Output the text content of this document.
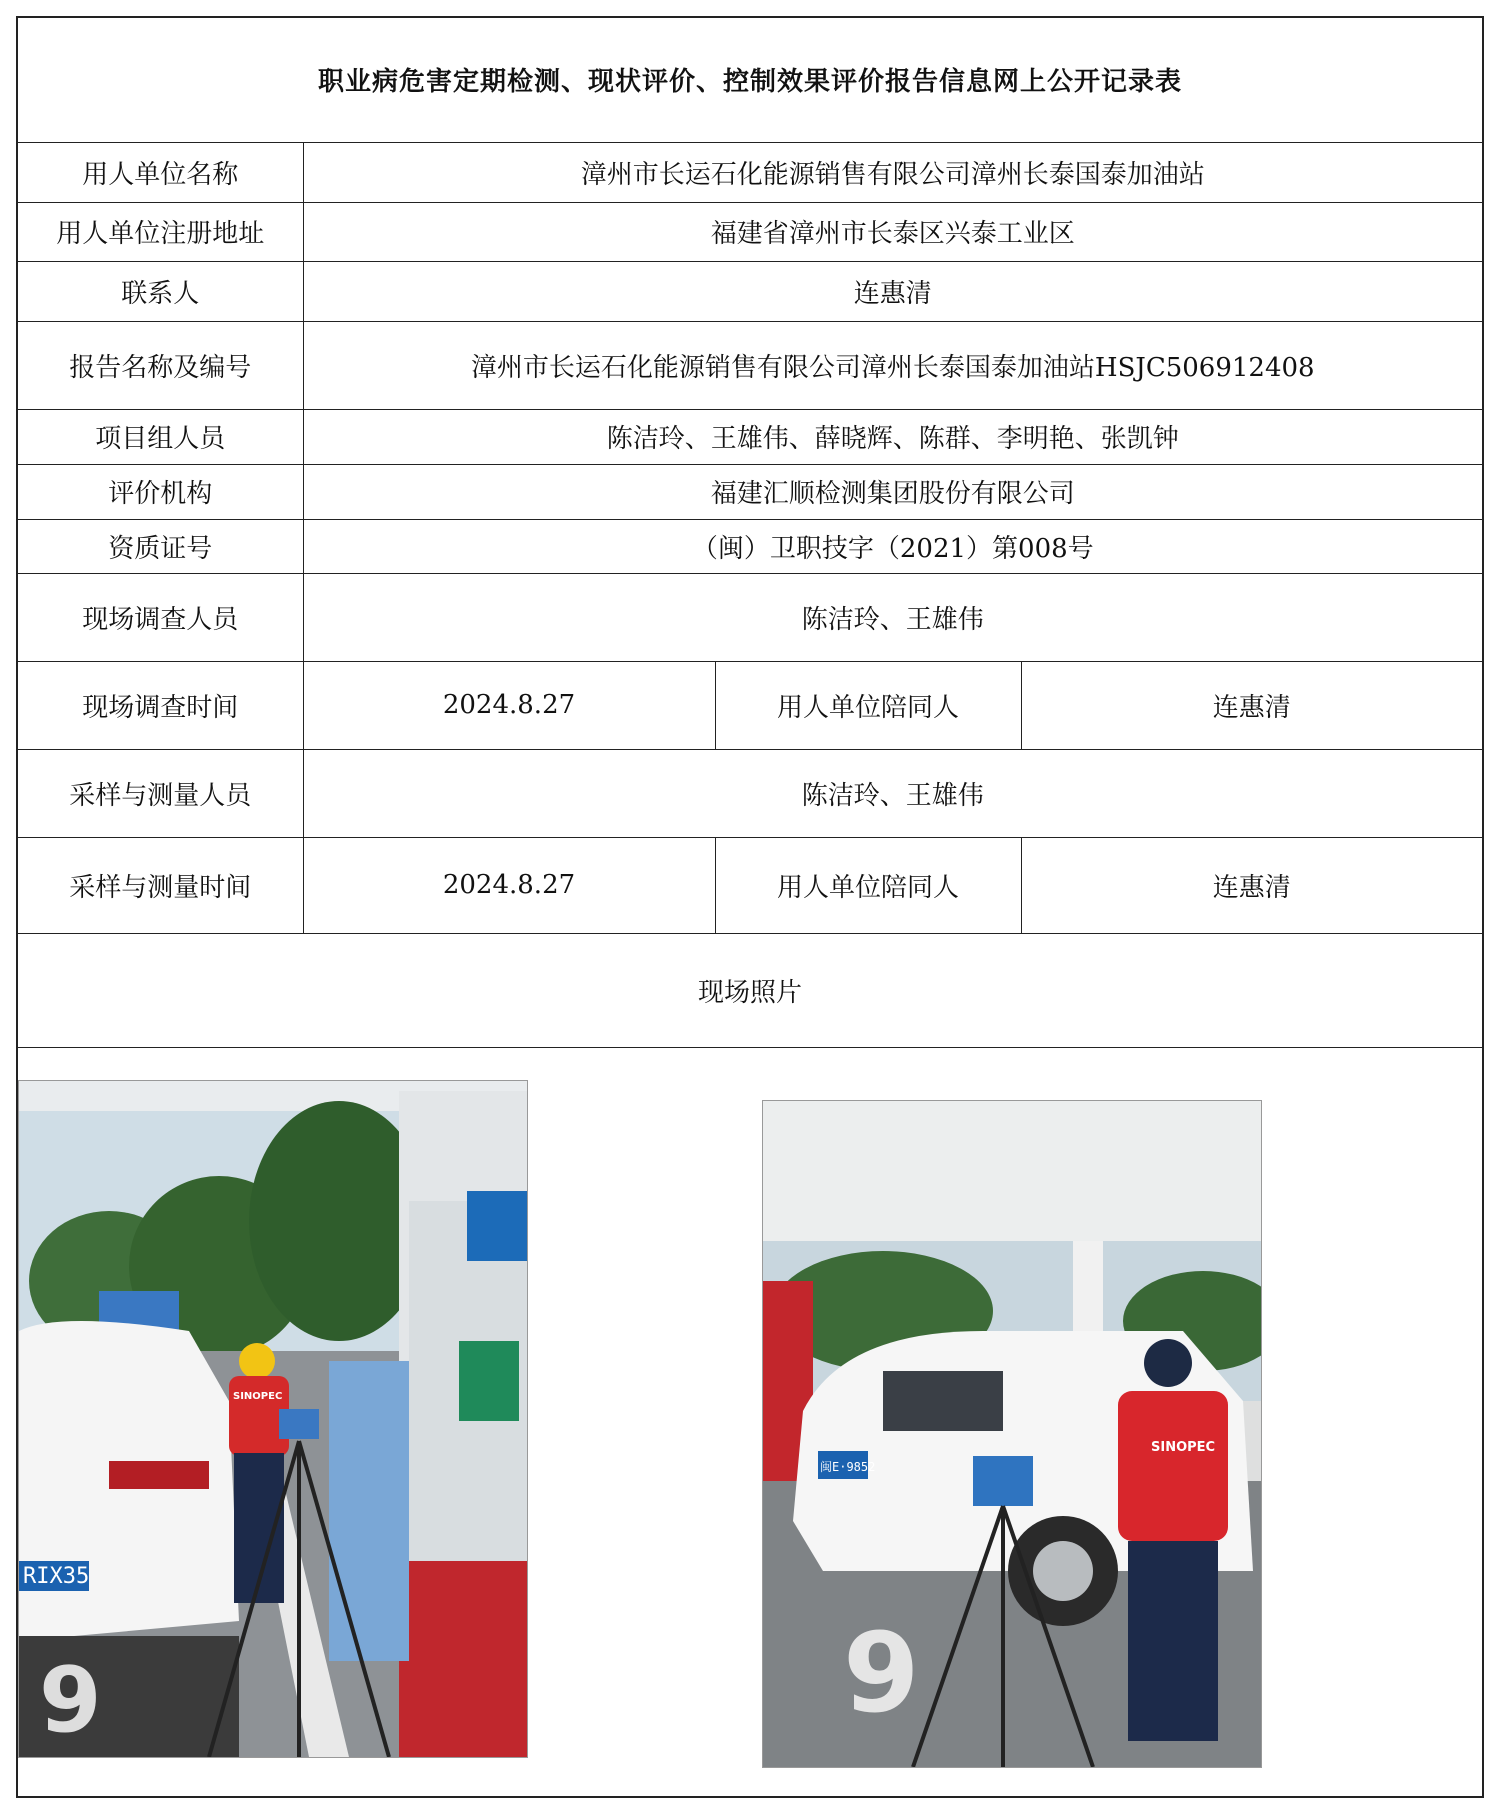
职业病危害定期检测、现状评价、控制效果评价报告信息网上公开记录表			
用人单位名称	漳州市长运石化能源销售有限公司漳州长泰国泰加油站		
用人单位注册地址	福建省漳州市长泰区兴泰工业区		
联系人	连惠清		
报告名称及编号	漳州市长运石化能源销售有限公司漳州长泰国泰加油站HSJC506912408		
项目组人员	陈洁玲、王雄伟、薛晓辉、陈群、李明艳、张凯钟		
评价机构	福建汇顺检测集团股份有限公司		
资质证号	（闽）卫职技字（2021）第008号		
现场调查人员	陈洁玲、王雄伟		
现场调查时间	2024.8.27	用人单位陪同人	连惠清
采样与测量人员	陈洁玲、王雄伟		
采样与测量时间	2024.8.27	用人单位陪同人	连惠清
现场照片			
RIX35
9
SINOPEC
闽E·9852
9
SINOPEC
